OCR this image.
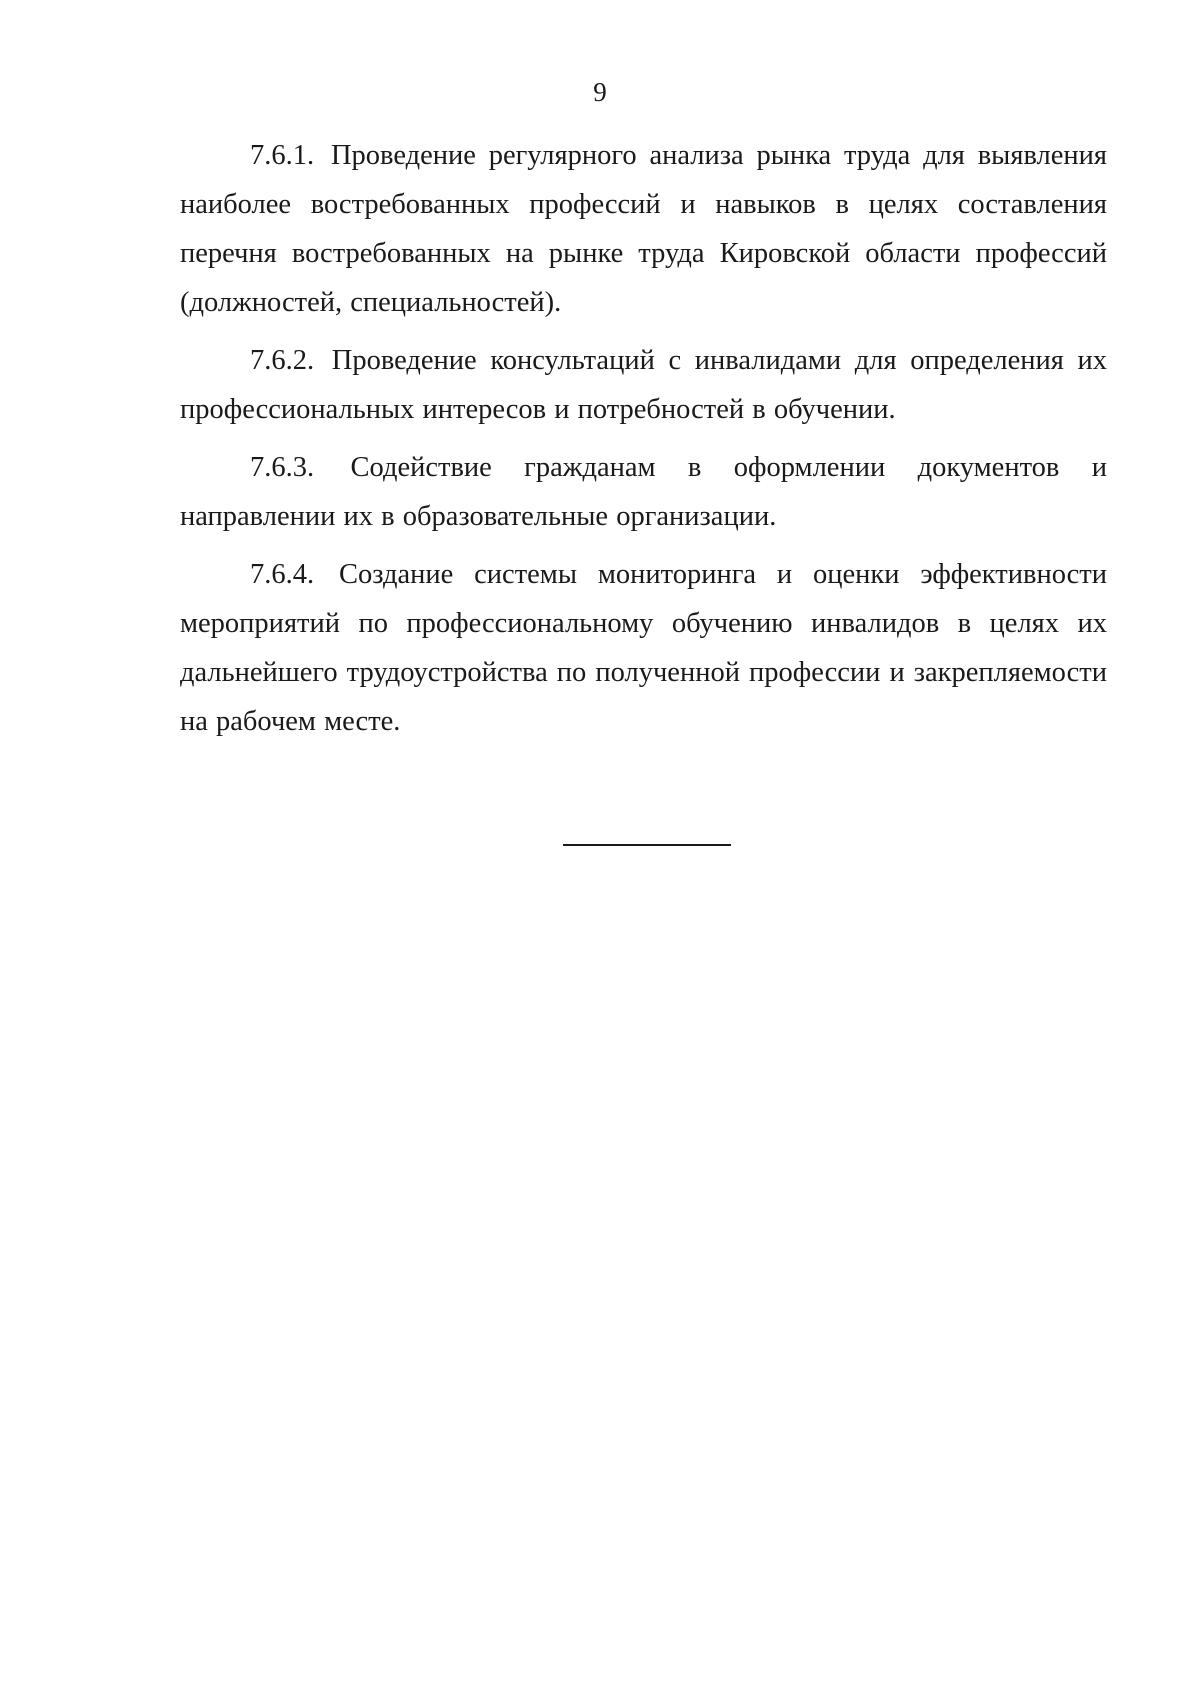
9

7.6.1. Проведение регулярного анализа рынка труда для выявления наиболее востребованных профессий и навыков в целях составления перечня востребованных на рынке труда Кировской области профессий (должностей, специальностей).

7.6.2. Проведение консультаций с инвалидами для определения их профессиональных интересов и потребностей в обучении.

7.6.3. Содействие гражданам в оформлении документов и направлении их в образовательные организации.

7.6.4. Создание системы мониторинга и оценки эффективности мероприятий по профессиональному обучению инвалидов в целях их дальнейшего трудоустройства по полученной профессии и закрепляемости на рабочем месте.
